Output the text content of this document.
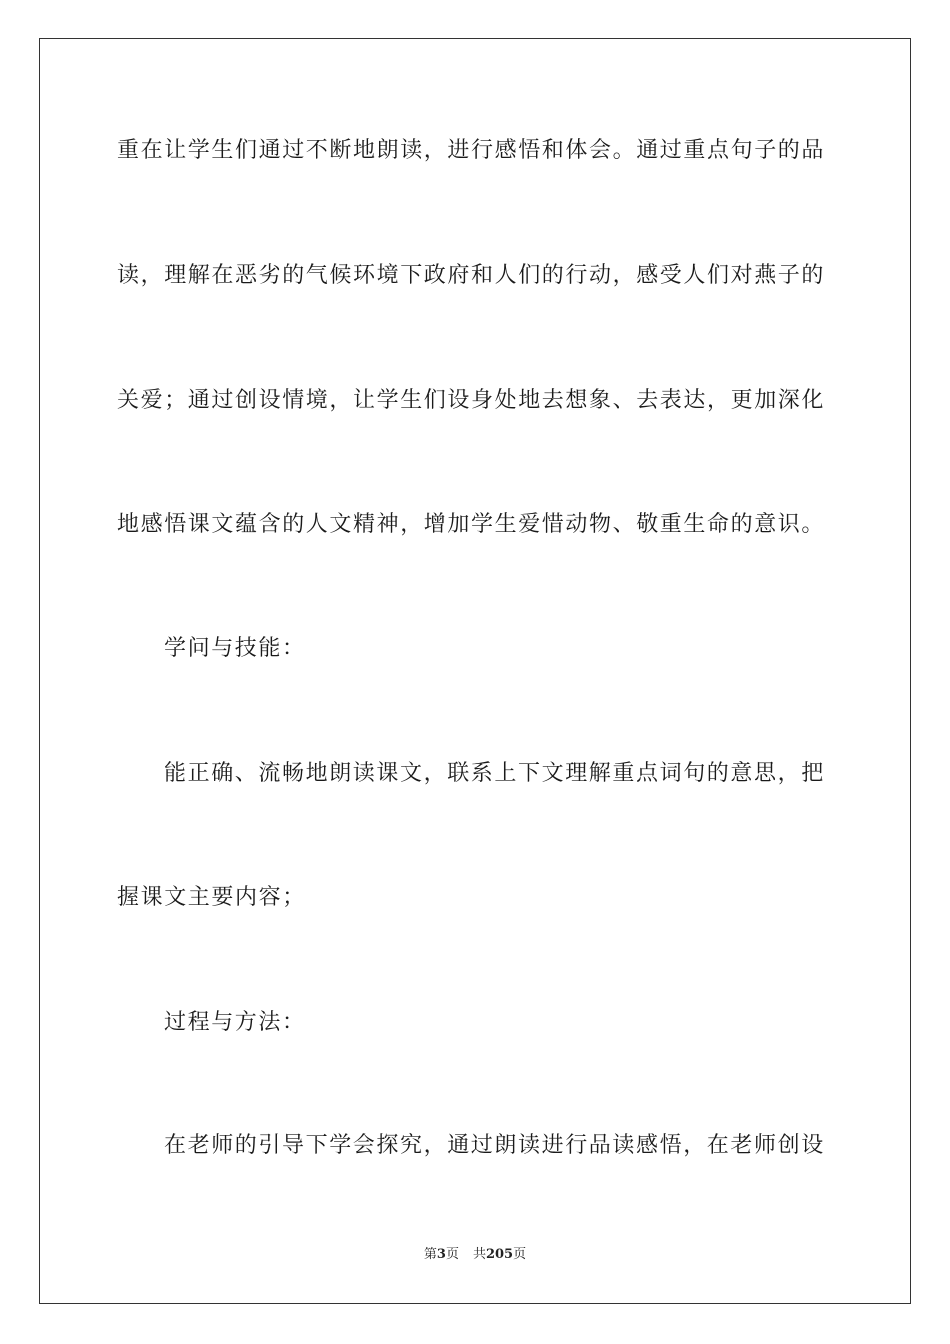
重在让学生们通过不断地朗读，进行感悟和体会。通过重点句子的品
读，理解在恶劣的气候环境下政府和人们的行动，感受人们对燕子的
关爱；通过创设情境，让学生们设身处地去想象、去表达，更加深化
地感悟课文蕴含的人文精神，增加学生爱惜动物、敬重生命的意识。
学问与技能：
能正确、流畅地朗读课文，联系上下文理解重点词句的意思，把
握课文主要内容；
过程与方法：
在老师的引导下学会探究，通过朗读进行品读感悟，在老师创设
第3页 共205页
